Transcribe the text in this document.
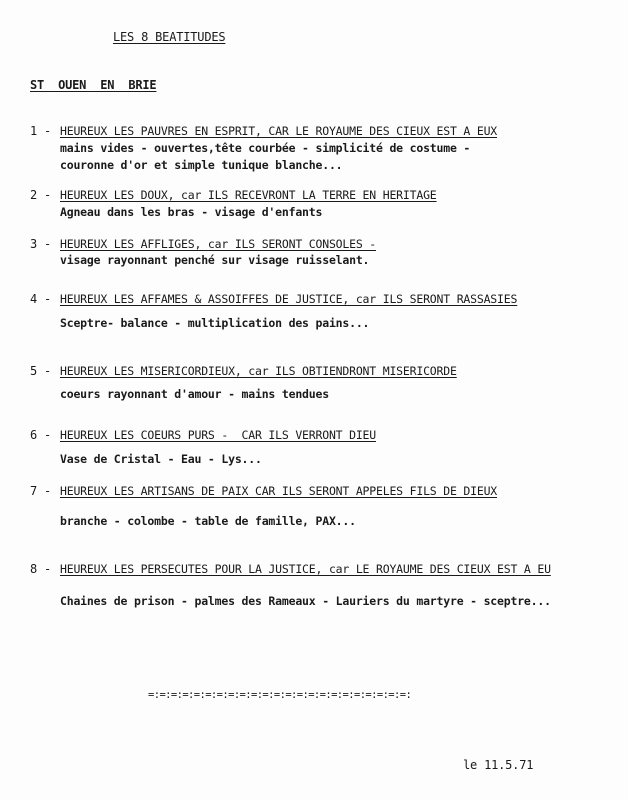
LES 8 BEATITUDES
ST  OUEN  EN  BRIE
1 - HEUREUX LES PAUVRES EN ESPRIT, CAR LE ROYAUME DES CIEUX EST A EUX
mains vides - ouvertes,tête courbée - simplicité de costume -
couronne d'or et simple tunique blanche...
2 - HEUREUX LES DOUX, car ILS RECEVRONT LA TERRE EN HERITAGE
Agneau dans les bras - visage d'enfants
3 - HEUREUX LES AFFLIGES, car ILS SERONT CONSOLES -
visage rayonnant penché sur visage ruisselant.
4 - HEUREUX LES AFFAMES & ASSOIFFES DE JUSTICE, car ILS SERONT RASSASIES
Sceptre- balance - multiplication des pains...
5 - HEUREUX LES MISERICORDIEUX, car ILS OBTIENDRONT MISERICORDE
coeurs rayonnant d'amour - mains tendues
6 - HEUREUX LES COEURS PURS -  CAR ILS VERRONT DIEU
Vase de Cristal - Eau - Lys...
7 - HEUREUX LES ARTISANS DE PAIX CAR ILS SERONT APPELES FILS DE DIEUX
branche - colombe - table de famille, PAX...
8 - HEUREUX LES PERSECUTES POUR LA JUSTICE, car LE ROYAUME DES CIEUX EST A EU
Chaines de prison - palmes des Rameaux - Lauriers du martyre - sceptre...
=:=:=:=:=:=:=:=:=:=:=:=:=:=:=:=:=:=:=:=:=:=:=:
le 11.5.71
